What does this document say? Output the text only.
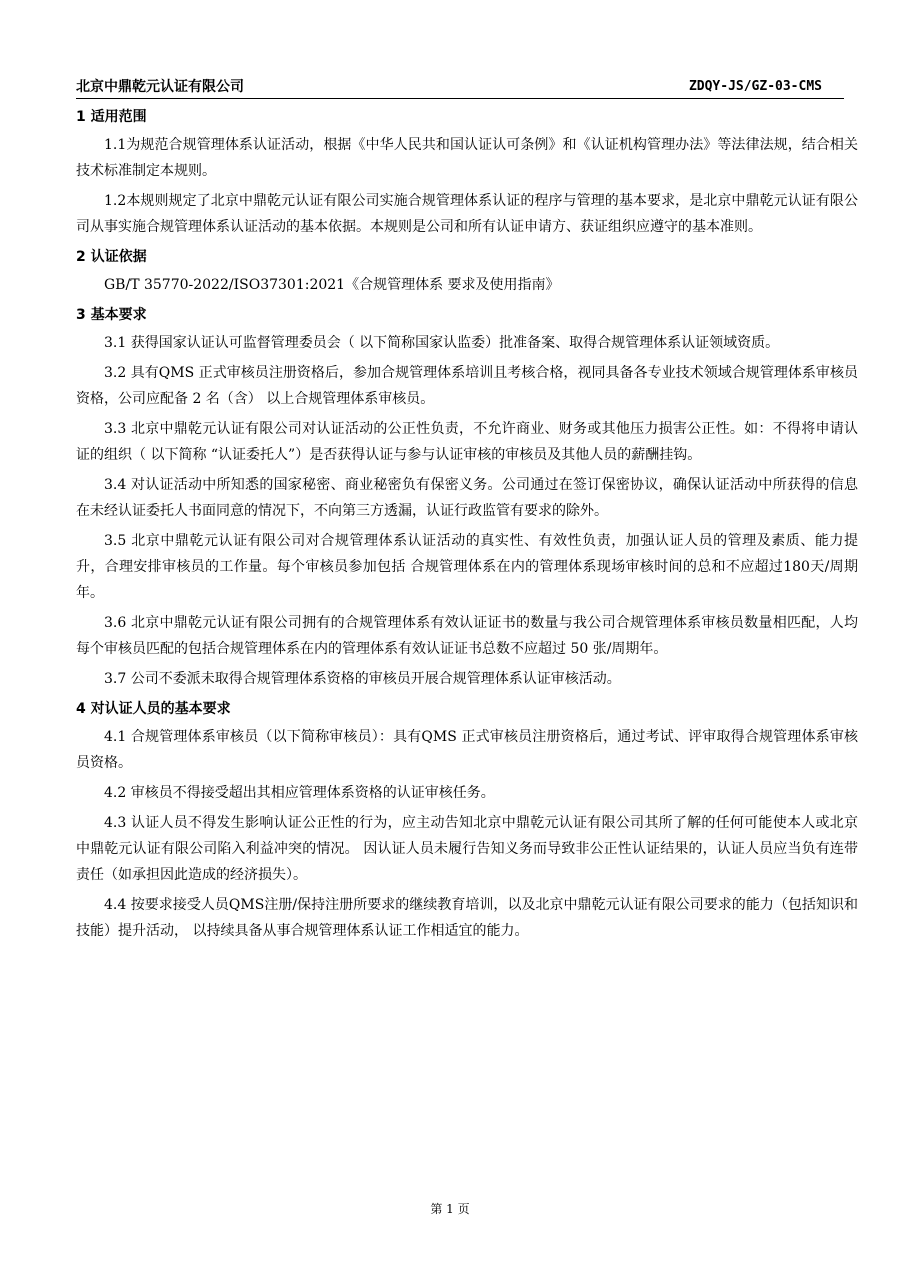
北京中鼎乾元认证有限公司	ZDQY-JS/GZ-03-CMS
1 适用范围
1.1为规范合规管理体系认证活动，根据《中华人民共和国认证认可条例》和《认证机构管理办法》等法律法规，结合相关技术标准制定本规则。
1.2本规则规定了北京中鼎乾元认证有限公司实施合规管理体系认证的程序与管理的基本要求，是北京中鼎乾元认证有限公司从事实施合规管理体系认证活动的基本依据。本规则是公司和所有认证申请方、获证组织应遵守的基本准则。
2 认证依据
GB/T 35770-2022/ISO37301:2021《合规管理体系 要求及使用指南》
3 基本要求
3.1 获得国家认证认可监督管理委员会（ 以下简称国家认监委）批准备案、取得合规管理体系认证领域资质。
3.2 具有QMS 正式审核员注册资格后，参加合规管理体系培训且考核合格，视同具备各专业技术领域合规管理体系审核员资格，公司应配备 2 名（含） 以上合规管理体系审核员。
3.3 北京中鼎乾元认证有限公司对认证活动的公正性负责，不允许商业、财务或其他压力损害公正性。如：不得将申请认证的组织（ 以下简称 “认证委托人”）是否获得认证与参与认证审核的审核员及其他人员的薪酬挂钩。
3.4 对认证活动中所知悉的国家秘密、商业秘密负有保密义务。公司通过在签订保密协议，确保认证活动中所获得的信息在未经认证委托人书面同意的情况下，不向第三方透漏，认证行政监管有要求的除外。
3.5 北京中鼎乾元认证有限公司对合规管理体系认证活动的真实性、有效性负责，加强认证人员的管理及素质、能力提升，合理安排审核员的工作量。每个审核员参加包括 合规管理体系在内的管理体系现场审核时间的总和不应超过180天/周期年。
3.6 北京中鼎乾元认证有限公司拥有的合规管理体系有效认证证书的数量与我公司合规管理体系审核员数量相匹配，人均每个审核员匹配的包括合规管理体系在内的管理体系有效认证证书总数不应超过 50 张/周期年。
3.7 公司不委派未取得合规管理体系资格的审核员开展合规管理体系认证审核活动。
4 对认证人员的基本要求
4.1 合规管理体系审核员（以下简称审核员）：具有QMS 正式审核员注册资格后，通过考试、评审取得合规管理体系审核员资格。
4.2 审核员不得接受超出其相应管理体系资格的认证审核任务。
4.3 认证人员不得发生影响认证公正性的行为，应主动告知北京中鼎乾元认证有限公司其所了解的任何可能使本人或北京中鼎乾元认证有限公司陷入利益冲突的情况。 因认证人员未履行告知义务而导致非公正性认证结果的，认证人员应当负有连带责任（如承担因此造成的经济损失）。
4.4 按要求接受人员QMS注册/保持注册所要求的继续教育培训，以及北京中鼎乾元认证有限公司要求的能力（包括知识和技能）提升活动， 以持续具备从事合规管理体系认证工作相适宜的能力。
第 1 页
